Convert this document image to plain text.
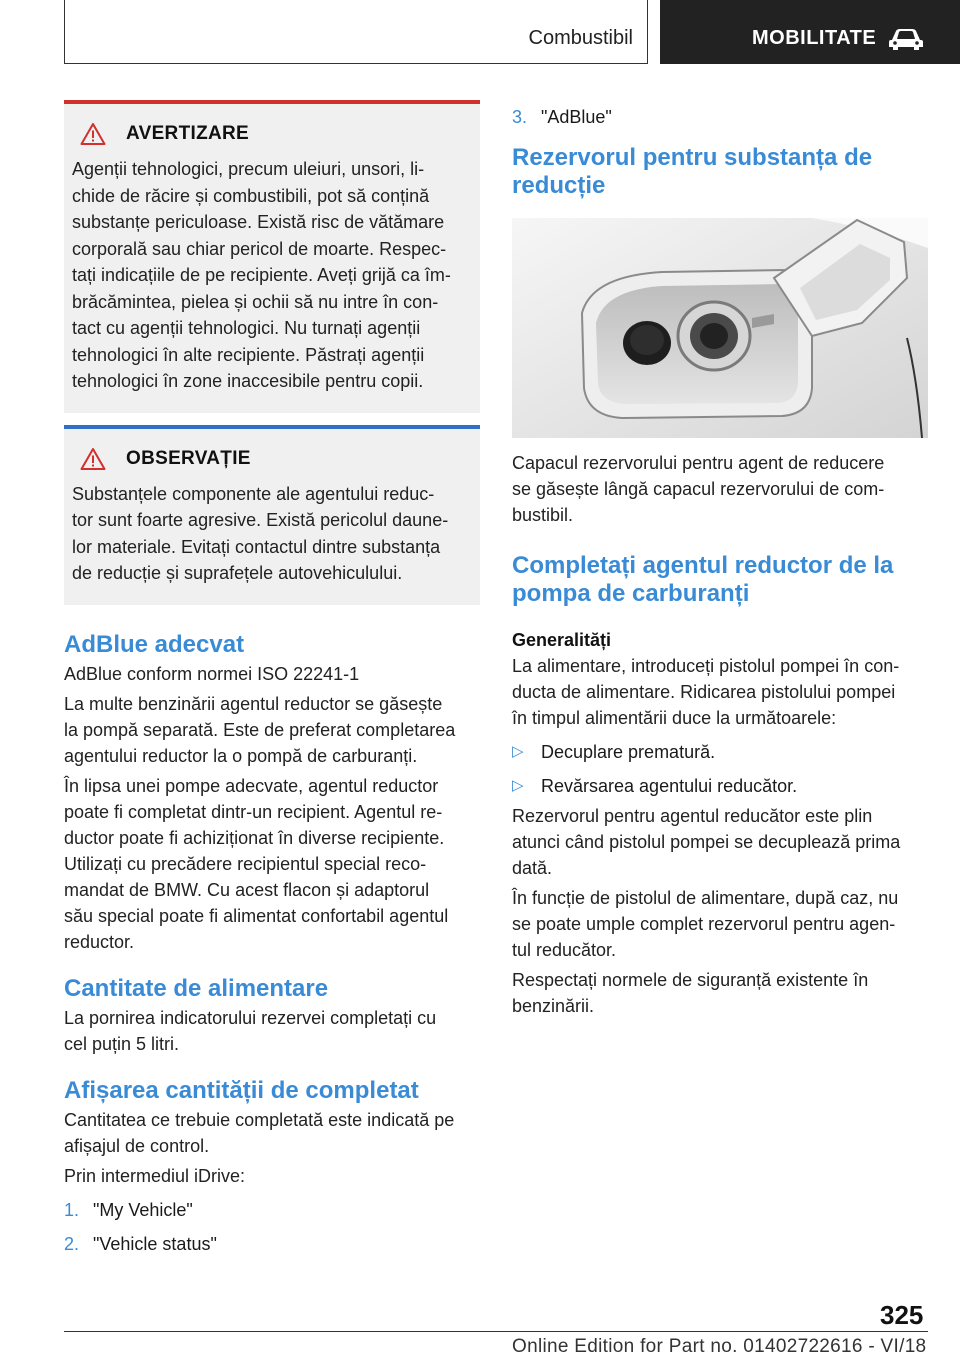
Combustibil	MOBILITATE
AVERTIZARE
Agenții tehnologici, precum uleiuri, unsori, li-
chide de răcire și combustibili, pot să conțină
substanțe periculoase. Există risc de vătămare
corporală sau chiar pericol de moarte. Respec-
tați indicațiile de pe recipiente. Aveți grijă ca îm-
brăcămintea, pielea și ochii să nu intre în con-
tact cu agenții tehnologici. Nu turnați agenții
tehnologici în alte recipiente. Păstrați agenții
tehnologici în zone inaccesibile pentru copii.
OBSERVAȚIE
Substanțele componente ale agentului reduc-
tor sunt foarte agresive. Există pericolul daune-
lor materiale. Evitați contactul dintre substanța
de reducție și suprafețele autovehiculului.
AdBlue adecvat

AdBlue conform normei ISO 22241-1

La multe benzinării agentul reductor se găsește
la pompă separată. Este de preferat completarea
agentului reductor la o pompă de carburanți.

În lipsa unei pompe adecvate, agentul reductor
poate fi completat dintr-un recipient. Agentul re-
ductor poate fi achiziționat în diverse recipiente.
Utilizați cu precădere recipientul special reco-
mandat de BMW. Cu acest flacon și adaptorul
său special poate fi alimentat confortabil agentul
reductor.

Cantitate de alimentare

La pornirea indicatorului rezervei completați cu
cel puțin 5 litri.

Afișarea cantității de completat

Cantitatea ce trebuie completată este indicată pe
afișajul de control.

Prin intermediul iDrive:

1. "My Vehicle"
2. "Vehicle status"
3. "AdBlue"
Rezervorul pentru substanța de
reducție

Capacul rezervorului pentru agent de reducere
se găsește lângă capacul rezervorului de com-
bustibil.

Completați agentul reductor de la
pompa de carburanți
Generalități

La alimentare, introduceți pistolul pompei în con-
ducta de alimentare. Ridicarea pistolului pompei
în timpul alimentării duce la următoarele:

▷ Decuplare prematură.
▷ Revărsarea agentului reducător.

Rezervorul pentru agentul reducător este plin
atunci când pistolul pompei se decuplează prima
dată.

În funcție de pistolul de alimentare, după caz, nu
se poate umple complet rezervorul pentru agen-
tul reducător.

Respectați normele de siguranță existente în
benzinării.

325
Online Edition for Part no. 01402722616 - VI/18
